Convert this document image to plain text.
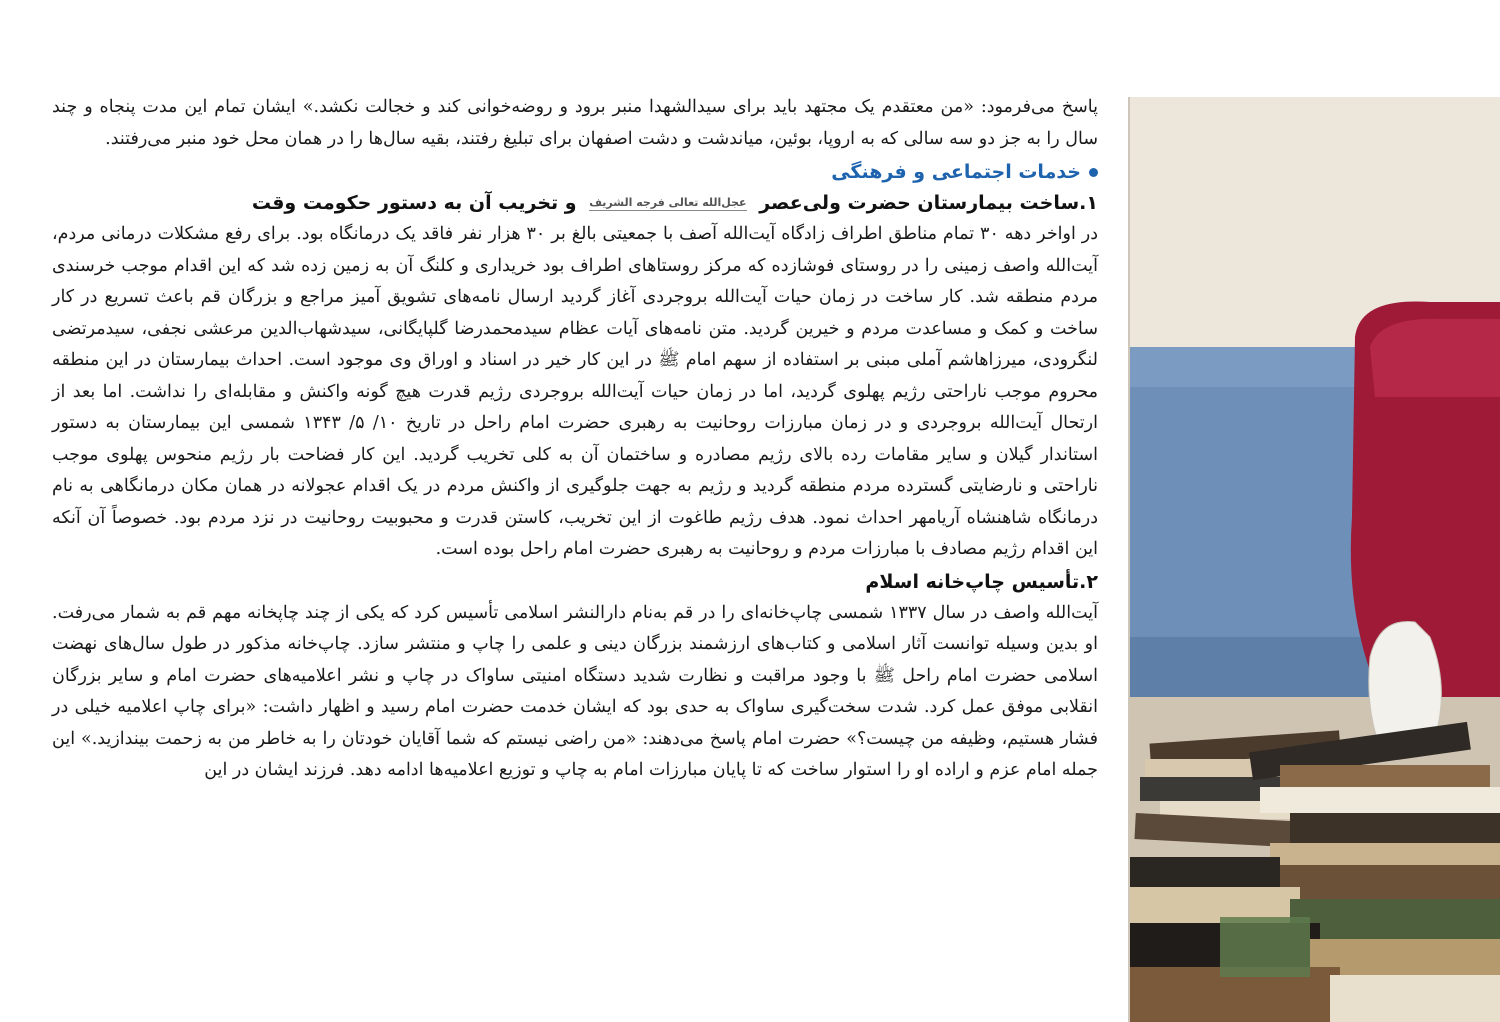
پاسخ می‌فرمود: «من معتقدم یک مجتهد باید برای سیدالشهدا منبر برود و روضه‌خوانی کند و خجالت نکشد.» ایشان تمام این مدت پنجاه و چند سال را به جز دو سه سالی که به اروپا، بوئین، میاندشت و دشت اصفهان برای تبلیغ رفتند، بقیه سال‌ها را در همان محل خود منبر می‌رفتند.

خدمات اجتماعی و فرهنگی
۱.ساخت بیمارستان حضرت ولی‌عصر عجل‌الله تعالی فرجه الشریف و تخریب آن به دستور حکومت وقت

در اواخر دهه ۳۰ تمام مناطق اطراف زادگاه آیت‌الله آصف با جمعیتی بالغ بر ۳۰ هزار نفر فاقد یک درمانگاه بود. برای رفع مشکلات درمانی مردم، آیت‌الله واصف زمینی را در روستای فوشازده که مرکز روستاهای اطراف بود خریداری و کلنگ آن به زمین زده شد که این اقدام موجب خرسندی مردم منطقه شد. کار ساخت در زمان حیات آیت‌الله بروجردی آغاز گردید ارسال نامه‌های تشویق آمیز مراجع و بزرگان قم باعث تسریع در کار ساخت و کمک و مساعدت مردم و خیرین گردید. متن نامه‌های آیات عظام سیدمحمدرضا گلپایگانی، سیدشهاب‌الدین مرعشی نجفی، سیدمرتضی لنگرودی، میرزاهاشم آملی مبنی بر استفاده از سهم امام ﷺ در این کار خیر در اسناد و اوراق وی موجود است. احداث بیمارستان در این منطقه محروم موجب ناراحتی رژیم پهلوی گردید، اما در زمان حیات آیت‌الله بروجردی رژیم قدرت هیچ گونه واکنش و مقابله‌ای را نداشت. اما بعد از ارتحال آیت‌الله بروجردی و در زمان مبارزات روحانیت به رهبری حضرت امام راحل در تاریخ ۱۰/ ۵/ ۱۳۴۳ شمسی این بیمارستان به دستور استاندار گیلان و سایر مقامات رده بالای رژیم مصادره و ساختمان آن به کلی تخریب گردید. این کار فضاحت بار رژیم منحوس پهلوی موجب ناراحتی و نارضایتی گسترده مردم منطقه گردید و رژیم به جهت جلوگیری از واکنش مردم در یک اقدام عجولانه در همان مکان درمانگاهی به نام درمانگاه شاهنشاه آریامهر احداث نمود. هدف رژیم طاغوت از این تخریب، کاستن قدرت و محبوبیت روحانیت در نزد مردم بود. خصوصاً آن آنکه این اقدام رژیم مصادف با مبارزات مردم و روحانیت به رهبری حضرت امام راحل بوده است.

۲.تأسیس چاپ‌خانه اسلام

آیت‌الله واصف در سال ۱۳۳۷ شمسی چاپ‌خانه‌ای را در قم به‌نام دارالنشر اسلامی تأسیس کرد که یکی از چند چاپخانه مهم قم به شمار می‌رفت. او بدین وسیله توانست آثار اسلامی و کتاب‌های ارزشمند بزرگان دینی و علمی را چاپ و منتشر سازد. چاپ‌خانه مذکور در طول سال‌های نهضت اسلامی حضرت امام راحل ﷺ با وجود مراقبت و نظارت شدید دستگاه امنیتی ساواک در چاپ و نشر اعلامیه‌های حضرت امام و سایر بزرگان انقلابی موفق عمل کرد. شدت سخت‌گیری ساواک به حدی بود که ایشان خدمت حضرت امام رسید و اظهار داشت: «برای چاپ اعلامیه خیلی در فشار هستیم، وظیفه من چیست؟» حضرت امام پاسخ می‌دهند: «من راضی نیستم که شما آقایان خودتان را به خاطر من به زحمت بیندازید.» این جمله امام عزم و اراده او را استوار ساخت که تا پایان مبارزات امام به چاپ و توزیع اعلامیه‌ها ادامه دهد. فرزند ایشان در این
